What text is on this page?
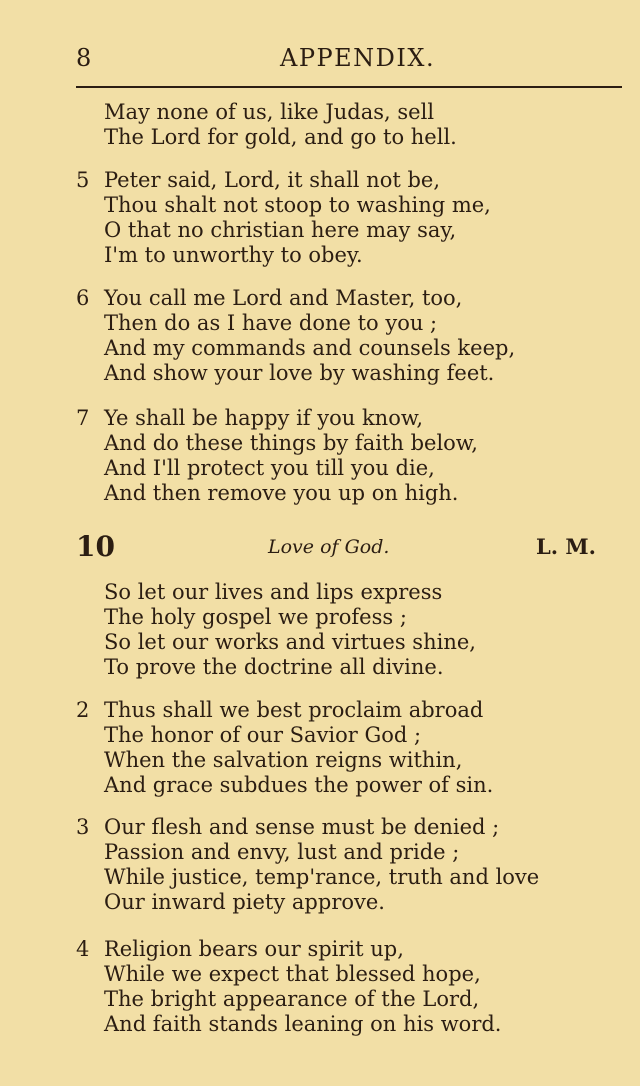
8	APPENDIX.
May none of us, like Judas, sell
The Lord for gold, and go to hell.
5 Peter said, Lord, it shall not be,
Thou shalt not stoop to washing me,
O that no christian here may say,
I'm to unworthy to obey.
6 You call me Lord and Master, too,
Then do as I have done to you ;
And my commands and counsels keep,
And show your love by washing feet.
7 Ye shall be happy if you know,
And do these things by faith below,
And I'll protect you till you die,
And then remove you up on high.
10	Love of God.	L. M.
So let our lives and lips express
The holy gospel we profess ;
So let our works and virtues shine,
To prove the doctrine all divine.
2 Thus shall we best proclaim abroad
The honor of our Savior God ;
When the salvation reigns within,
And grace subdues the power of sin.
3 Our flesh and sense must be denied ;
Passion and envy, lust and pride ;
While justice, temp'rance, truth and love
Our inward piety approve.
4 Religion bears our spirit up,
While we expect that blessed hope,
The bright appearance of the Lord,
And faith stands leaning on his word.
